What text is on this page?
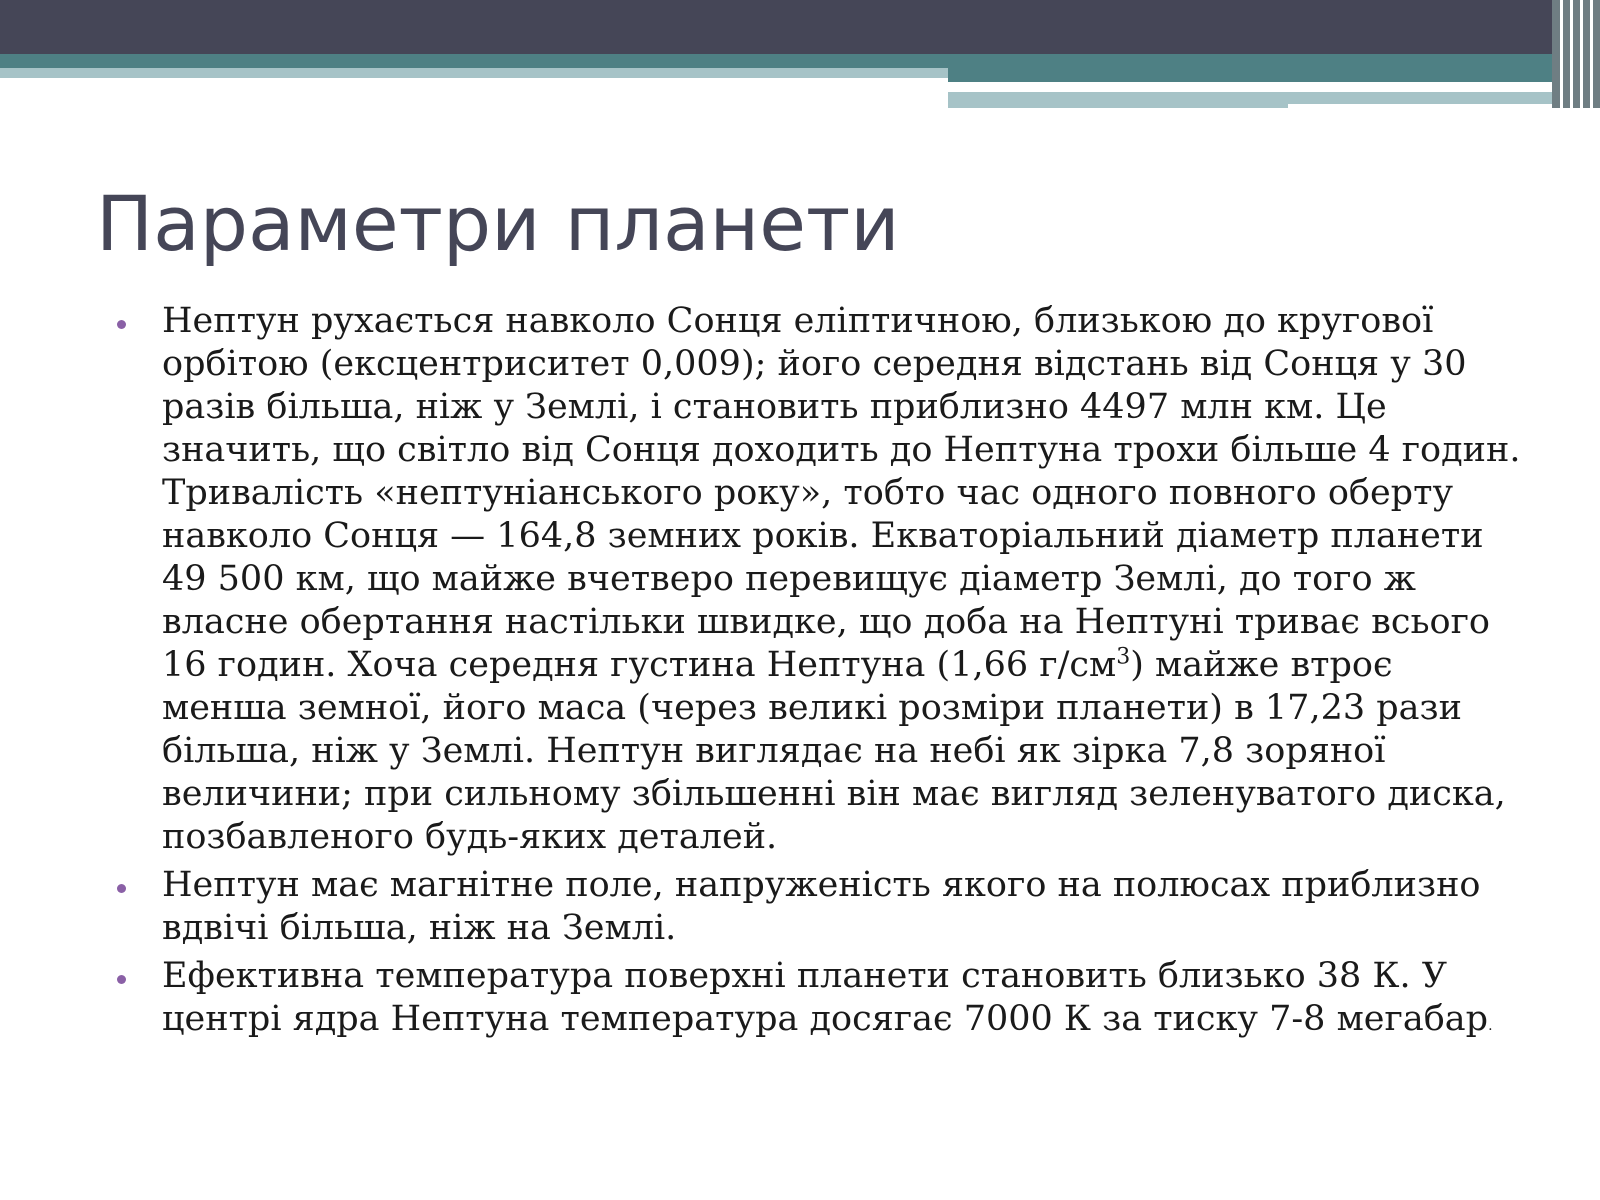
Параметри планети
Нептун рухається навколо Сонця еліптичною, близькою до кругової орбітою (ексцентриситет 0,009); його середня відстань від Сонця у 30 разів більша, ніж у Землі, і становить приблизно 4497 млн км. Це значить, що світло від Сонця доходить до Нептуна трохи більше 4 годин. Тривалість «нептуніанського року», тобто час одного повного оберту навколо Сонця — 164,8 земних років. Екваторіальний діаметр планети 49 500 км, що майже вчетверо перевищує діаметр Землі, до того ж власне обертання настільки швидке, що доба на Нептуні триває всього 16 годин. Хоча середня густина Нептуна (1,66 $г/см^3$) майже втроє менша земної, його маса (через великі розміри планети) в 17,23 рази більша, ніж у Землі. Нептун виглядає на небі як зірка 7,8 зоряної величини; при сильному збільшенні він має вигляд зеленуватого диска, позбавленого будь-яких деталей.
Нептун має магнітне поле, напруженість якого на полюсах приблизно вдвічі більша, ніж на Землі.
Ефективна температура поверхні планети становить близько 38 К. У центрі ядра Нептуна температура досягає 7000 К за тиску 7-8 мегабар.
